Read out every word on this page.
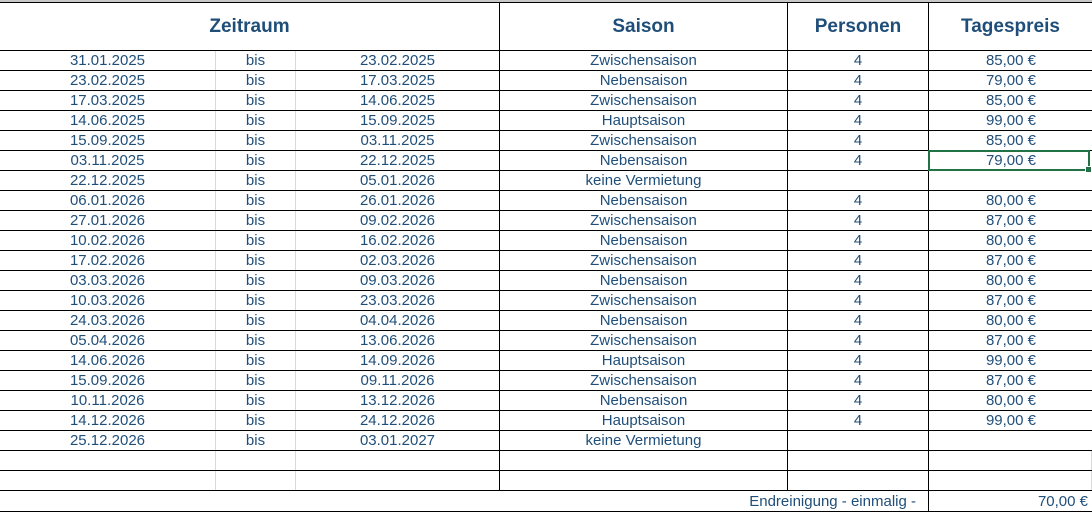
Zeitraum	Saison	Personen	Tagespreis
31.01.2025	bis	23.02.2025	Zwischensaison	4	85,00 €
23.02.2025	bis	17.03.2025	Nebensaison	4	79,00 €
17.03.2025	bis	14.06.2025	Zwischensaison	4	85,00 €
14.06.2025	bis	15.09.2025	Hauptsaison	4	99,00 €
15.09.2025	bis	03.11.2025	Zwischensaison	4	85,00 €
03.11.2025	bis	22.12.2025	Nebensaison	4	79,00 €
22.12.2025	bis	05.01.2026	keine Vermietung
06.01.2026	bis	26.01.2026	Nebensaison	4	80,00 €
27.01.2026	bis	09.02.2026	Zwischensaison	4	87,00 €
10.02.2026	bis	16.02.2026	Nebensaison	4	80,00 €
17.02.2026	bis	02.03.2026	Zwischensaison	4	87,00 €
03.03.2026	bis	09.03.2026	Nebensaison	4	80,00 €
10.03.2026	bis	23.03.2026	Zwischensaison	4	87,00 €
24.03.2026	bis	04.04.2026	Nebensaison	4	80,00 €
05.04.2026	bis	13.06.2026	Zwischensaison	4	87,00 €
14.06.2026	bis	14.09.2026	Hauptsaison	4	99,00 €
15.09.2026	bis	09.11.2026	Zwischensaison	4	87,00 €
10.11.2026	bis	13.12.2026	Nebensaison	4	80,00 €
14.12.2026	bis	24.12.2026	Hauptsaison	4	99,00 €
25.12.2026	bis	03.01.2027	keine Vermietung
Endreinigung - einmalig -	70,00 €
